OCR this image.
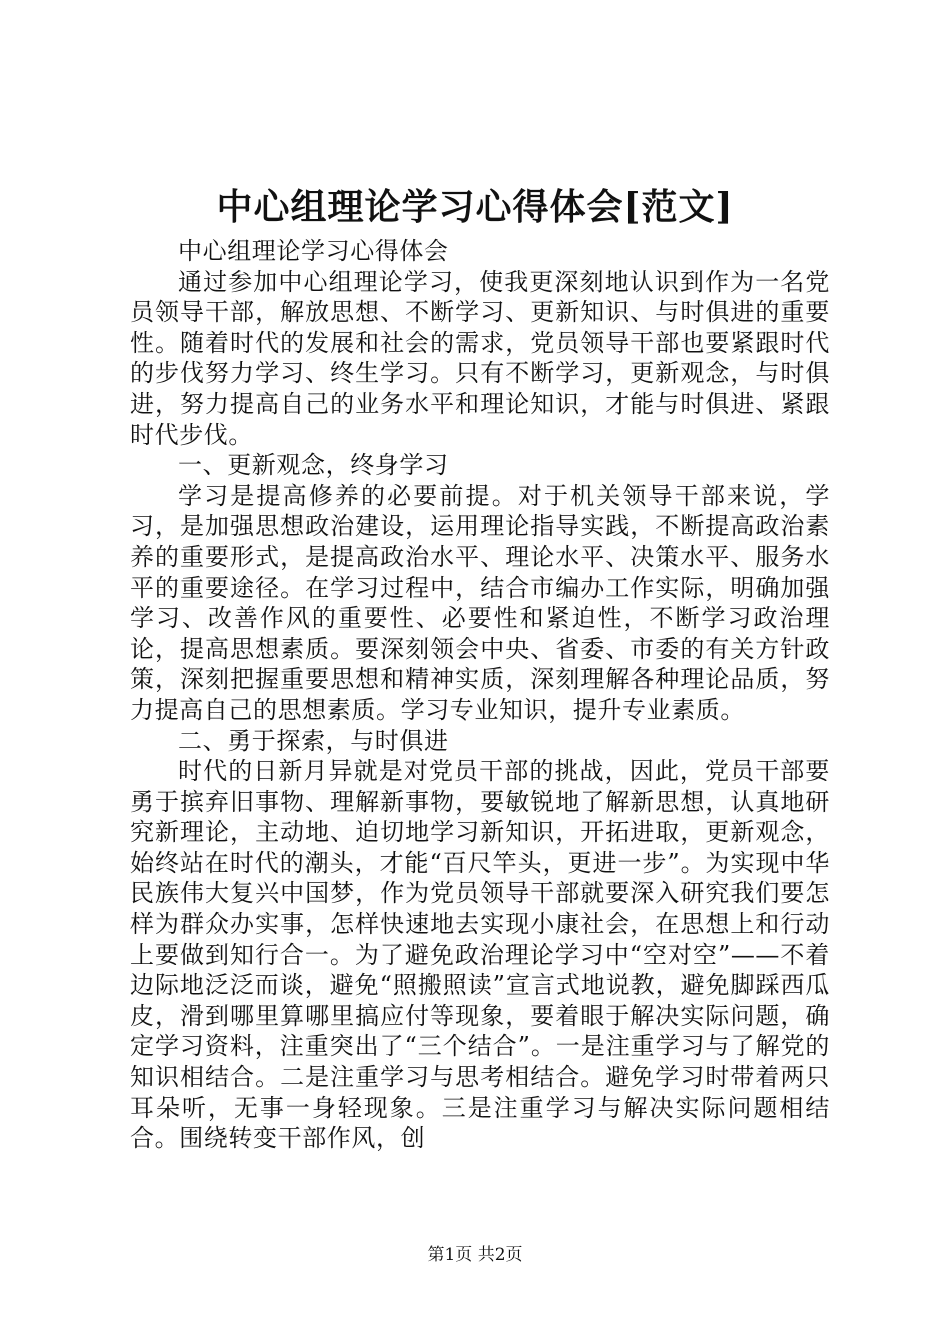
中心组理论学习心得体会[范文]

中心组理论学习心得体会

通过参加中心组理论学习，使我更深刻地认识到作为一名党员领导干部，解放思想、不断学习、更新知识、与时俱进的重要性。随着时代的发展和社会的需求，党员领导干部也要紧跟时代的步伐努力学习、终生学习。只有不断学习，更新观念，与时俱进，努力提高自己的业务水平和理论知识，才能与时俱进、紧跟时代步伐。

一、更新观念，终身学习

学习是提高修养的必要前提。对于机关领导干部来说，学习，是加强思想政治建设，运用理论指导实践，不断提高政治素养的重要形式，是提高政治水平、理论水平、决策水平、服务水平的重要途径。在学习过程中，结合市编办工作实际，明确加强学习、改善作风的重要性、必要性和紧迫性，不断学习政治理论，提高思想素质。要深刻领会中央、省委、市委的有关方针政策，深刻把握重要思想和精神实质，深刻理解各种理论品质，努力提高自己的思想素质。学习专业知识，提升专业素质。

二、勇于探索，与时俱进

时代的日新月异就是对党员干部的挑战，因此，党员干部要勇于摈弃旧事物、理解新事物，要敏锐地了解新思想，认真地研究新理论，主动地、迫切地学习新知识，开拓进取，更新观念，始终站在时代的潮头，才能“百尺竿头，更进一步”。为实现中华民族伟大复兴中国梦，作为党员领导干部就要深入研究我们要怎样为群众办实事，怎样快速地去实现小康社会，在思想上和行动上要做到知行合一。为了避免政治理论学习中“空对空”——不着边际地泛泛而谈，避免“照搬照读”宣言式地说教，避免脚踩西瓜皮，滑到哪里算哪里搞应付等现象，要着眼于解决实际问题，确定学习资料，注重突出了“三个结合”。一是注重学习与了解党的知识相结合。二是注重学习与思考相结合。避免学习时带着两只耳朵听，无事一身轻现象。三是注重学习与解决实际问题相结合。围绕转变干部作风，创

第1页 共2页
